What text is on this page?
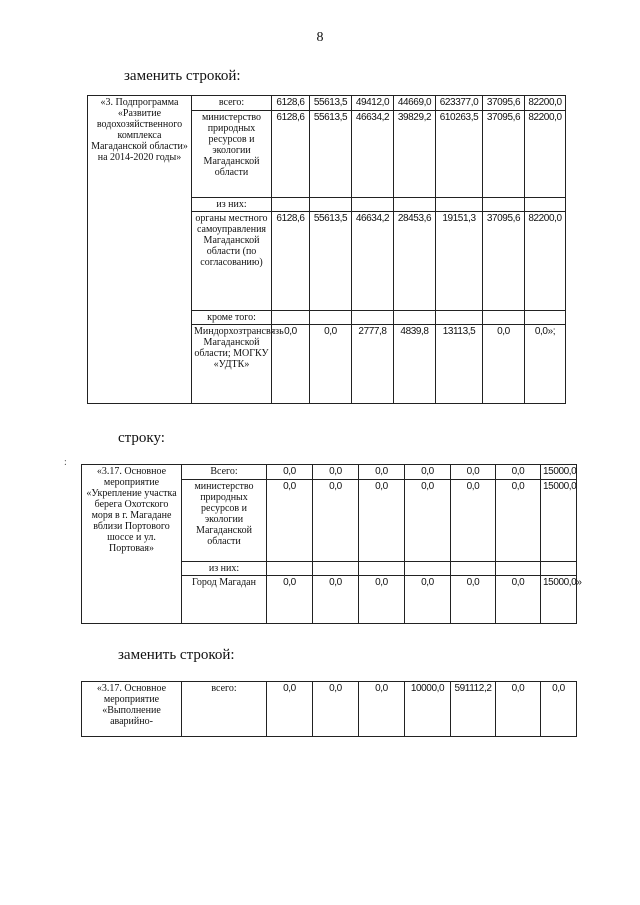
8
заменить строкой:
«3. Подпрограмма «Развитие водохозяйственного комплекса Магаданской области» на 2014-2020 годы»	всего:	6128,6	55613,5	49412,0	44669,0	623377,0	37095,6	82200,0
	министерство природных ресурсов и экологии Магаданской области	6128,6	55613,5	46634,2	39829,2	610263,5	37095,6	82200,0
	из них:							
	органы местного самоуправления Магаданской области (по согласованию)	6128,6	55613,5	46634,2	28453,6	19151,3	37095,6	82200,0
	кроме того:							
	Миндорхозтрансвязь Магаданской области; МОГКУ «УДТК»	0,0	0,0	2777,8	4839,8	13113,5	0,0	0,0»;
строку:
:
«3.17. Основное мероприятие «Укрепление участка берега Охотского моря в г. Магадане вблизи Портового шоссе и ул. Портовая»	Всего:	0,0	0,0	0,0	0,0	0,0	0,0	15000,0
	министерство природных ресурсов и экологии Магаданской области	0,0	0,0	0,0	0,0	0,0	0,0	15000,0
	из них:							
	Город Магадан	0,0	0,0	0,0	0,0	0,0	0,0	15000,0»
заменить строкой:
«3.17. Основное мероприятие «Выполнение аварийно-	всего:	0,0	0,0	0,0	10000,0	591112,2	0,0	0,0
